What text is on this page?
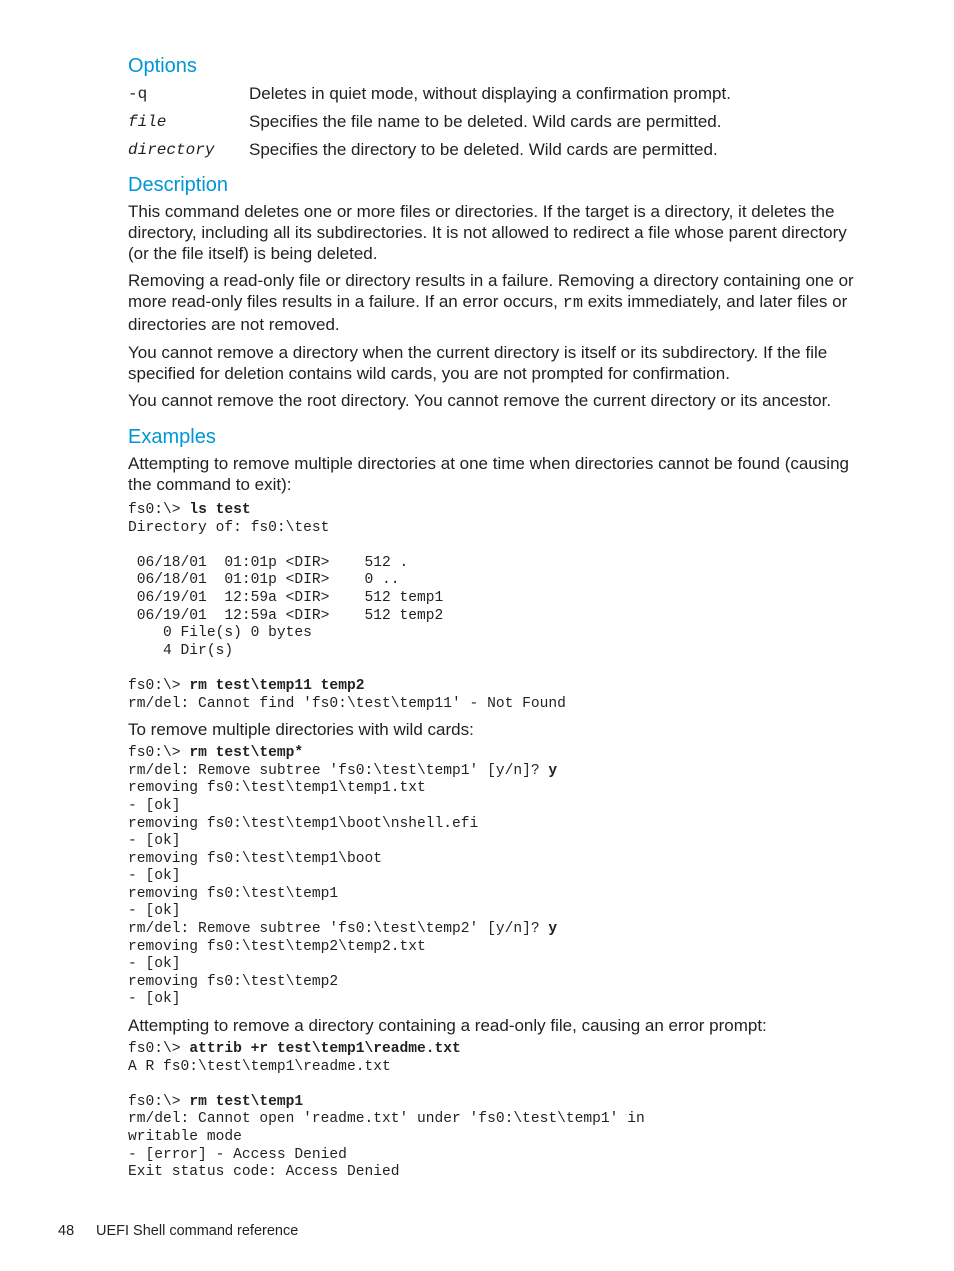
Options
-q	Deletes in quiet mode, without displaying a confirmation prompt.
file	Specifies the file name to be deleted. Wild cards are permitted.
directory	Specifies the directory to be deleted. Wild cards are permitted.
Description

This command deletes one or more files or directories. If the target is a directory, it deletes the directory, including all its subdirectories. It is not allowed to redirect a file whose parent directory (or the file itself) is being deleted.

Removing a read-only file or directory results in a failure. Removing a directory containing one or more read-only files results in a failure. If an error occurs, rm exits immediately, and later files or directories are not removed.

You cannot remove a directory when the current directory is itself or its subdirectory. If the file specified for deletion contains wild cards, you are not prompted for confirmation.

You cannot remove the root directory. You cannot remove the current directory or its ancestor.

Examples

Attempting to remove multiple directories at one time when directories cannot be found (causing the command to exit):

fs0:\> ls test
Directory of: fs0:\test

06/18/01  01:01p <DIR>    512 .
06/18/01  01:01p <DIR>    0 ..
06/19/01  12:59a <DIR>    512 temp1
06/19/01  12:59a <DIR>    512 temp2
0 File(s) 0 bytes
4 Dir(s)

fs0:\> rm test\temp11 temp2
rm/del: Cannot find 'fs0:\test\temp11' - Not Found

To remove multiple directories with wild cards:

fs0:\> rm test\temp*
rm/del: Remove subtree 'fs0:\test\temp1' [y/n]? y
removing fs0:\test\temp1\temp1.txt
- [ok]
removing fs0:\test\temp1\boot\nshell.efi
- [ok]
removing fs0:\test\temp1\boot
- [ok]
removing fs0:\test\temp1
- [ok]
rm/del: Remove subtree 'fs0:\test\temp2' [y/n]? y
removing fs0:\test\temp2\temp2.txt
- [ok]
removing fs0:\test\temp2
- [ok]

Attempting to remove a directory containing a read-only file, causing an error prompt:

fs0:\> attrib +r test\temp1\readme.txt
A R fs0:\test\temp1\readme.txt

fs0:\> rm test\temp1
rm/del: Cannot open 'readme.txt' under 'fs0:\test\temp1' in
writable mode
- [error] - Access Denied
Exit status code: Access Denied
48 UEFI Shell command reference
